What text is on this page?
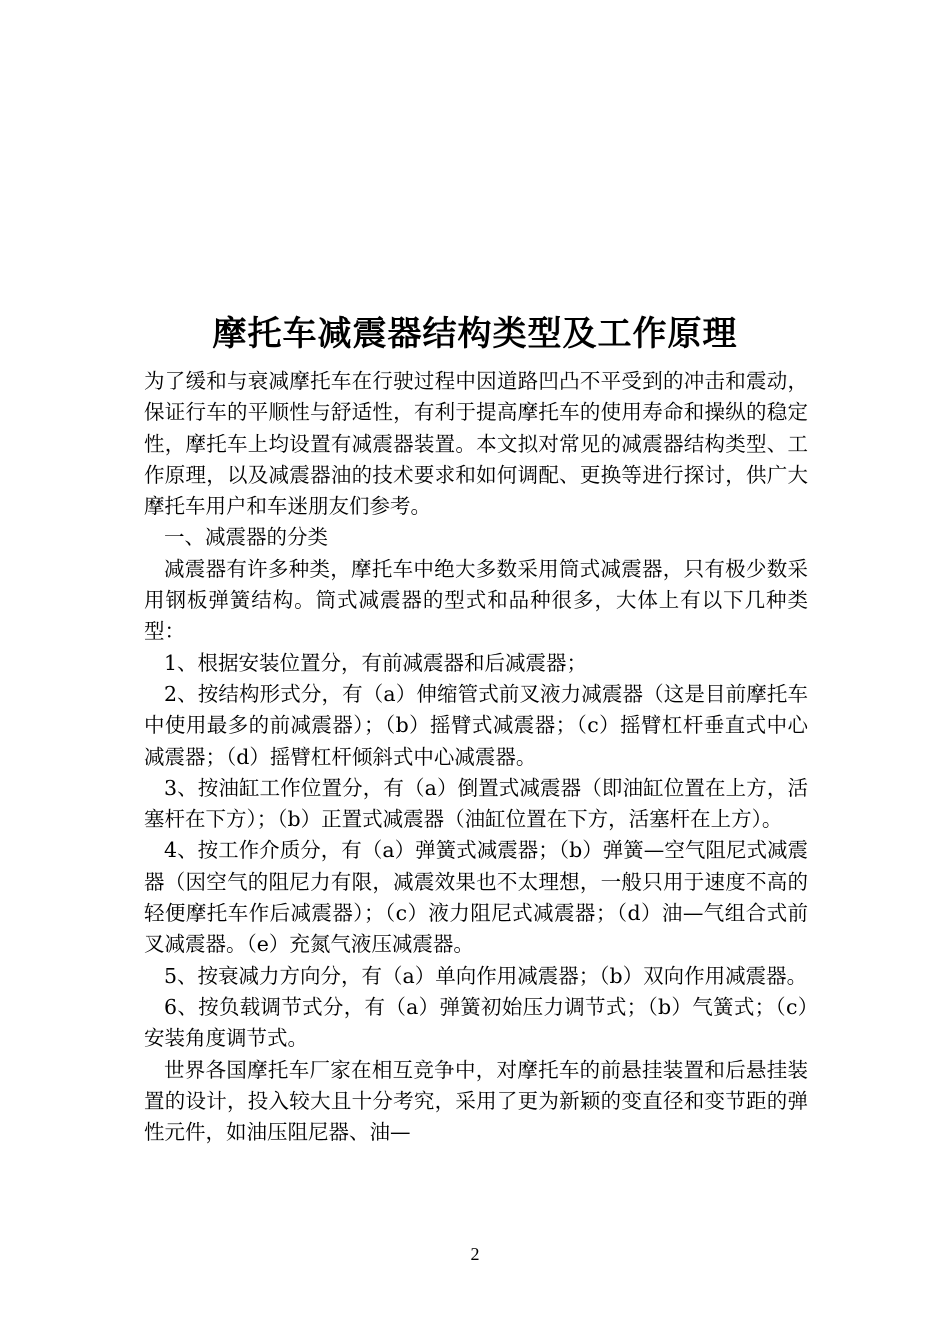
摩托车减震器结构类型及工作原理

为了缓和与衰减摩托车在行驶过程中因道路凹凸不平受到的冲击和震动，保证行车的平顺性与舒适性，有利于提高摩托车的使用寿命和操纵的稳定性，摩托车上均设置有减震器装置。本文拟对常见的减震器结构类型、工作原理，以及减震器油的技术要求和如何调配、更换等进行探讨，供广大摩托车用户和车迷朋友们参考。

一、减震器的分类

减震器有许多种类，摩托车中绝大多数采用筒式减震器，只有极少数采用钢板弹簧结构。筒式减震器的型式和品种很多，大体上有以下几种类型：

1、根据安装位置分，有前减震器和后减震器；

2、按结构形式分，有（a）伸缩管式前叉液力减震器（这是目前摩托车中使用最多的前减震器）；（b）摇臂式减震器；（c）摇臂杠杆垂直式中心减震器；（d）摇臂杠杆倾斜式中心减震器。

3、按油缸工作位置分，有（a）倒置式减震器（即油缸位置在上方，活塞杆在下方）；（b）正置式减震器（油缸位置在下方，活塞杆在上方）。

4、按工作介质分，有（a）弹簧式减震器；（b）弹簧—空气阻尼式减震器（因空气的阻尼力有限，减震效果也不太理想，一般只用于速度不高的轻便摩托车作后减震器）；（c）液力阻尼式减震器；（d）油—气组合式前叉减震器。（e）充氮气液压减震器。

5、按衰减力方向分，有（a）单向作用减震器；（b）双向作用减震器。

6、按负载调节式分，有（a）弹簧初始压力调节式；（b）气簧式；（c）安装角度调节式。

世界各国摩托车厂家在相互竞争中，对摩托车的前悬挂装置和后悬挂装置的设计，投入较大且十分考究，采用了更为新颖的变直径和变节距的弹性元件，如油压阻尼器、油—

2
